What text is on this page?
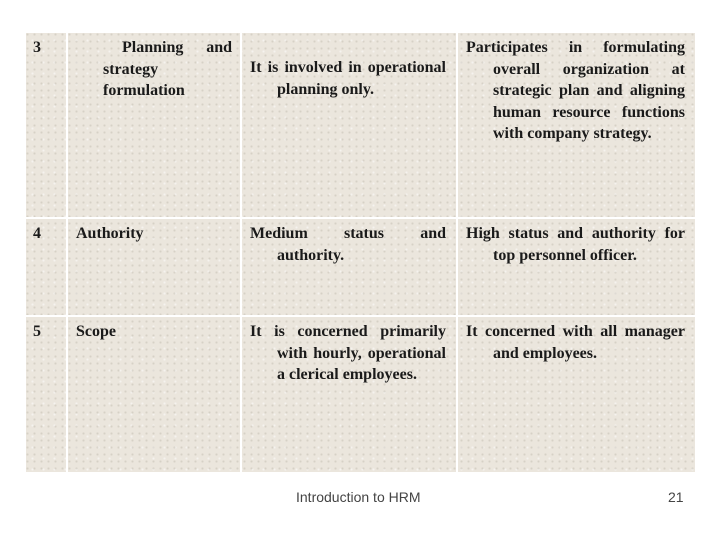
3	Planning and strategy formulation	It is involved in operational planning only.	Participates in formulating overall organization at strategic plan and aligning human resource functions with company strategy.

4	Authority	Medium status and authority.	High status and authority for top personnel officer.

5	Scope	It is concerned primarily with hourly, operational a clerical employees.	It concerned with all manager and employees.
Introduction to HRM	21
